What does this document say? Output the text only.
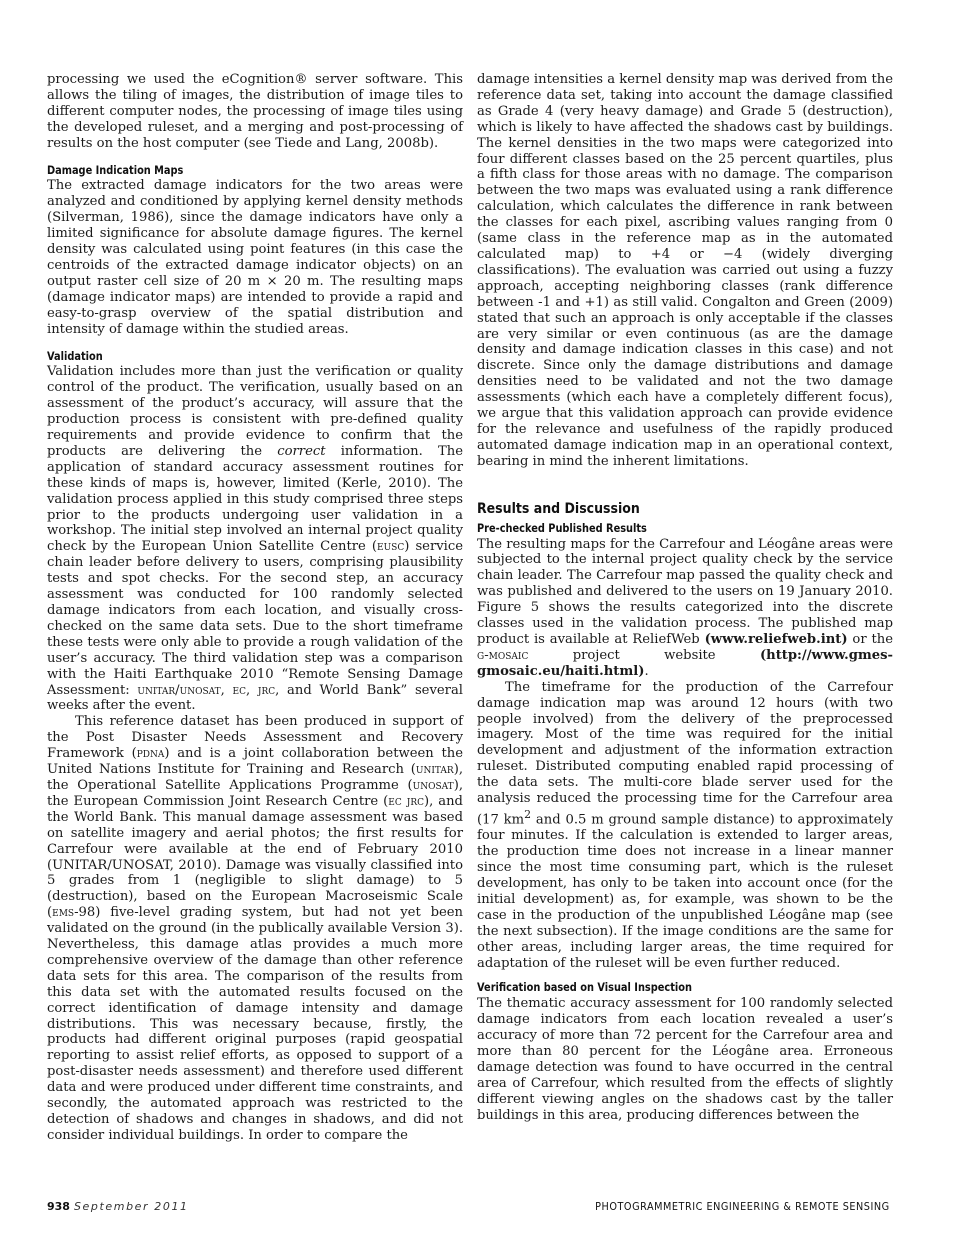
processing we used the eCognition® server software. This allows the tiling of images, the distribution of image tiles to different computer nodes, the processing of image tiles using the developed ruleset, and a merging and post-processing of results on the host computer (see Tiede and Lang, 2008b).

Damage Indication Maps

The extracted damage indicators for the two areas were analyzed and conditioned by applying kernel density methods (Silverman, 1986), since the damage indicators have only a limited significance for absolute damage figures. The kernel density was calculated using point features (in this case the centroids of the extracted damage indicator objects) on an output raster cell size of 20 m × 20 m. The resulting maps (damage indicator maps) are intended to provide a rapid and easy-to-grasp overview of the spatial distribution and intensity of damage within the studied areas.

Validation

Validation includes more than just the verification or quality control of the product. The verification, usually based on an assessment of the product’s accuracy, will assure that the production process is consistent with pre-defined quality requirements and provide evidence to confirm that the products are delivering the correct information. The application of standard accuracy assessment routines for these kinds of maps is, however, limited (Kerle, 2010). The validation process applied in this study comprised three steps prior to the products undergoing user validation in a workshop. The initial step involved an internal project quality check by the European Union Satellite Centre (eusc) service chain leader before delivery to users, comprising plausibility tests and spot checks. For the second step, an accuracy assessment was conducted for 100 randomly selected damage indicators from each location, and visually cross-checked on the same data sets. Due to the short timeframe these tests were only able to provide a rough validation of the user’s accuracy. The third validation step was a comparison with the Haiti Earthquake 2010 “Remote Sensing Damage Assessment: unitar/unosat, ec, jrc, and World Bank” several weeks after the event.

This reference dataset has been produced in support of the Post Disaster Needs Assessment and Recovery Framework (pdna) and is a joint collaboration between the United Nations Institute for Training and Research (unitar), the Operational Satellite Applications Programme (unosat), the European Commission Joint Research Centre (ec jrc), and the World Bank. This manual damage assessment was based on satellite imagery and aerial photos; the first results for Carrefour were available at the end of February 2010 (UNITAR/UNOSAT, 2010). Damage was visually classified into 5 grades from 1 (negligible to slight damage) to 5 (destruction), based on the European Macroseismic Scale (ems-98) five-level grading system, but had not yet been validated on the ground (in the publically available Version 3). Nevertheless, this damage atlas provides a much more comprehensive overview of the damage than other reference data sets for this area. The comparison of the results from this data set with the automated results focused on the correct identification of damage intensity and damage distributions. This was necessary because, firstly, the products had different original purposes (rapid geospatial reporting to assist relief efforts, as opposed to support of a post-disaster needs assessment) and therefore used different data and were produced under different time constraints, and secondly, the automated approach was restricted to the detection of shadows and changes in shadows, and did not consider individual buildings. In order to compare the

damage intensities a kernel density map was derived from the reference data set, taking into account the damage classified as Grade 4 (very heavy damage) and Grade 5 (destruction), which is likely to have affected the shadows cast by buildings. The kernel densities in the two maps were categorized into four different classes based on the 25 percent quartiles, plus a fifth class for those areas with no damage. The comparison between the two maps was evaluated using a rank difference calculation, which calculates the difference in rank between the classes for each pixel, ascribing values ranging from 0 (same class in the reference map as in the automated calculated map) to +4 or −4 (widely diverging classifications). The evaluation was carried out using a fuzzy approach, accepting neighboring classes (rank difference between -1 and +1) as still valid. Congalton and Green (2009) stated that such an approach is only acceptable if the classes are very similar or even continuous (as are the damage density and damage indication classes in this case) and not discrete. Since only the damage distributions and damage densities need to be validated and not the two damage assessments (which each have a completely different focus), we argue that this validation approach can provide evidence for the relevance and usefulness of the rapidly produced automated damage indication map in an operational context, bearing in mind the inherent limitations.

Results and Discussion
Pre-checked Published Results

The resulting maps for the Carrefour and Léogâne areas were subjected to the internal project quality check by the service chain leader. The Carrefour map passed the quality check and was published and delivered to the users on 19 January 2010. Figure 5 shows the results categorized into the discrete classes used in the validation process. The published map product is available at ReliefWeb (www.reliefweb.int) or the g-mosaic	project website	(http://www.gmes-gmosaic.eu/haiti.html).

The timeframe for the production of the Carrefour damage indication map was around 12 hours (with two people involved) from the delivery of the preprocessed imagery. Most of the time was required for the initial development and adjustment of the information extraction ruleset. Distributed computing enabled rapid processing of the data sets. The multi-core blade server used for the analysis reduced the processing time for the Carrefour area (17 $km^2$ and 0.5 m ground sample distance) to approximately four minutes. If the calculation is extended to larger areas, the production time does not increase in a linear manner since the most time consuming part, which is the ruleset development, has only to be taken into account once (for the initial development) as, for example, was shown to be the case in the production of the unpublished Léogâne map (see the next subsection). If the image conditions are the same for other areas, including larger areas, the time required for adaptation of the ruleset will be even further reduced.

Verification based on Visual Inspection

The thematic accuracy assessment for 100 randomly selected damage indicators from each location revealed a user’s accuracy of more than 72 percent for the Carrefour area and more than 80 percent for the Léogâne area. Erroneous damage detection was found to have occurred in the central area of Carrefour, which resulted from the effects of slightly different viewing angles on the shadows cast by the taller buildings in this area, producing differences between the

938 September 2011	PHOTOGRAMMETRIC ENGINEERING & REMOTE SENSING
